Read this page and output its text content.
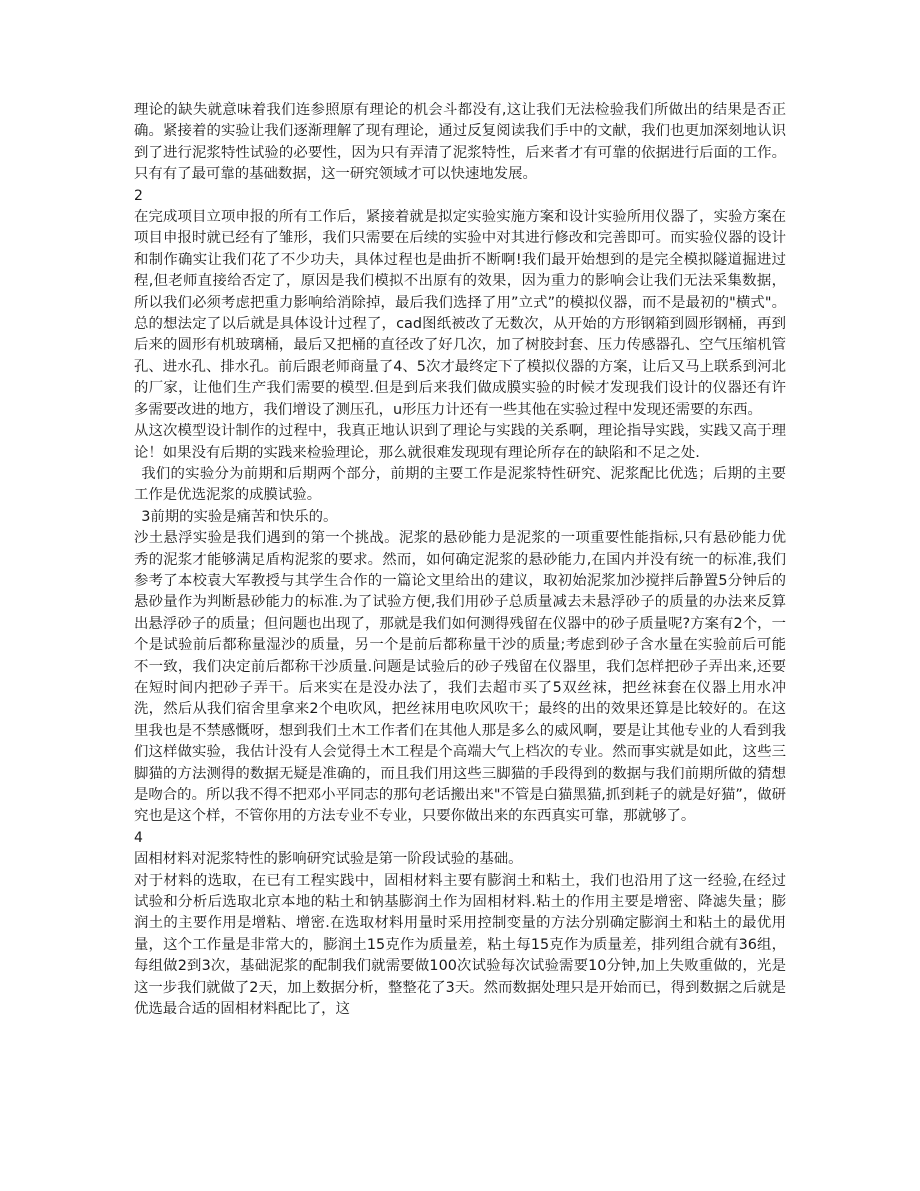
理论的缺失就意味着我们连参照原有理论的机会斗都没有,这让我们无法检验我们所做出的结果是否正确。紧接着的实验让我们逐渐理解了现有理论，通过反复阅读我们手中的文献，我们也更加深刻地认识到了进行泥浆特性试验的必要性，因为只有弄清了泥浆特性，后来者才有可靠的依据进行后面的工作。只有有了最可靠的基础数据，这一研究领域才可以快速地发展。

2

在完成项目立项申报的所有工作后，紧接着就是拟定实验实施方案和设计实验所用仪器了，实验方案在项目申报时就已经有了雏形，我们只需要在后续的实验中对其进行修改和完善即可。而实验仪器的设计和制作确实让我们花了不少功夫，具体过程也是曲折不断啊!我们最开始想到的是完全模拟隧道掘进过程,但老师直接给否定了，原因是我们模拟不出原有的效果，因为重力的影响会让我们无法采集数据，所以我们必须考虑把重力影响给消除掉，最后我们选择了用”立式”的模拟仪器，而不是最初的"横式"。总的想法定了以后就是具体设计过程了，cad图纸被改了无数次，从开始的方形钢箱到圆形钢桶，再到后来的圆形有机玻璃桶，最后又把桶的直径改了好几次，加了树胶封套、压力传感器孔、空气压缩机管孔、进水孔、排水孔。前后跟老师商量了4、5次才最终定下了模拟仪器的方案，让后又马上联系到河北的厂家，让他们生产我们需要的模型.但是到后来我们做成膜实验的时候才发现我们设计的仪器还有许多需要改进的地方，我们增设了测压孔，u形压力计还有一些其他在实验过程中发现还需要的东西。

从这次模型设计制作的过程中，我真正地认识到了理论与实践的关系啊，理论指导实践，实践又高于理论！如果没有后期的实践来检验理论，那么就很难发现现有理论所存在的缺陷和不足之处.

我们的实验分为前期和后期两个部分，前期的主要工作是泥浆特性研究、泥浆配比优选；后期的主要工作是优选泥浆的成膜试验。

3前期的实验是痛苦和快乐的。

沙土悬浮实验是我们遇到的第一个挑战。泥浆的悬砂能力是泥浆的一项重要性能指标,只有悬砂能力优秀的泥浆才能够满足盾构泥浆的要求。然而，如何确定泥浆的悬砂能力,在国内并没有统一的标准,我们参考了本校袁大军教授与其学生合作的一篇论文里给出的建议，取初始泥浆加沙搅拌后静置5分钟后的悬砂量作为判断悬砂能力的标准.为了试验方便,我们用砂子总质量减去未悬浮砂子的质量的办法来反算出悬浮砂子的质量；但问题也出现了，那就是我们如何测得残留在仪器中的砂子质量呢?方案有2个，一个是试验前后都称量湿沙的质量，另一个是前后都称量干沙的质量;考虑到砂子含水量在实验前后可能不一致，我们决定前后都称干沙质量.问题是试验后的砂子残留在仪器里，我们怎样把砂子弄出来,还要在短时间内把砂子弄干。后来实在是没办法了，我们去超市买了5双丝袜，把丝袜套在仪器上用水冲洗，然后从我们宿舍里拿来2个电吹风，把丝袜用电吹风吹干；最终的出的效果还算是比较好的。在这里我也是不禁感慨呀，想到我们土木工作者们在其他人那是多么的威风啊，要是让其他专业的人看到我们这样做实验，我估计没有人会觉得土木工程是个高端大气上档次的专业。然而事实就是如此，这些三脚猫的方法测得的数据无疑是准确的，而且我们用这些三脚猫的手段得到的数据与我们前期所做的猜想是吻合的。所以我不得不把邓小平同志的那句老话搬出来"不管是白猫黑猫,抓到耗子的就是好猫”，做研究也是这个样，不管你用的方法专业不专业，只要你做出来的东西真实可靠，那就够了。

4

固相材料对泥浆特性的影响研究试验是第一阶段试验的基础。

对于材料的选取，在已有工程实践中，固相材料主要有膨润土和粘土，我们也沿用了这一经验,在经过试验和分析后选取北京本地的粘土和钠基膨润土作为固相材料.粘土的作用主要是增密、降滤失量；膨润土的主要作用是增粘、增密.在选取材料用量时采用控制变量的方法分别确定膨润土和粘土的最优用量，这个工作量是非常大的，膨润土15克作为质量差，粘土每15克作为质量差，排列组合就有36组，每组做2到3次，基础泥浆的配制我们就需要做100次试验每次试验需要10分钟,加上失败重做的，光是这一步我们就做了2天，加上数据分析，整整花了3天。然而数据处理只是开始而已，得到数据之后就是优选最合适的固相材料配比了，这
